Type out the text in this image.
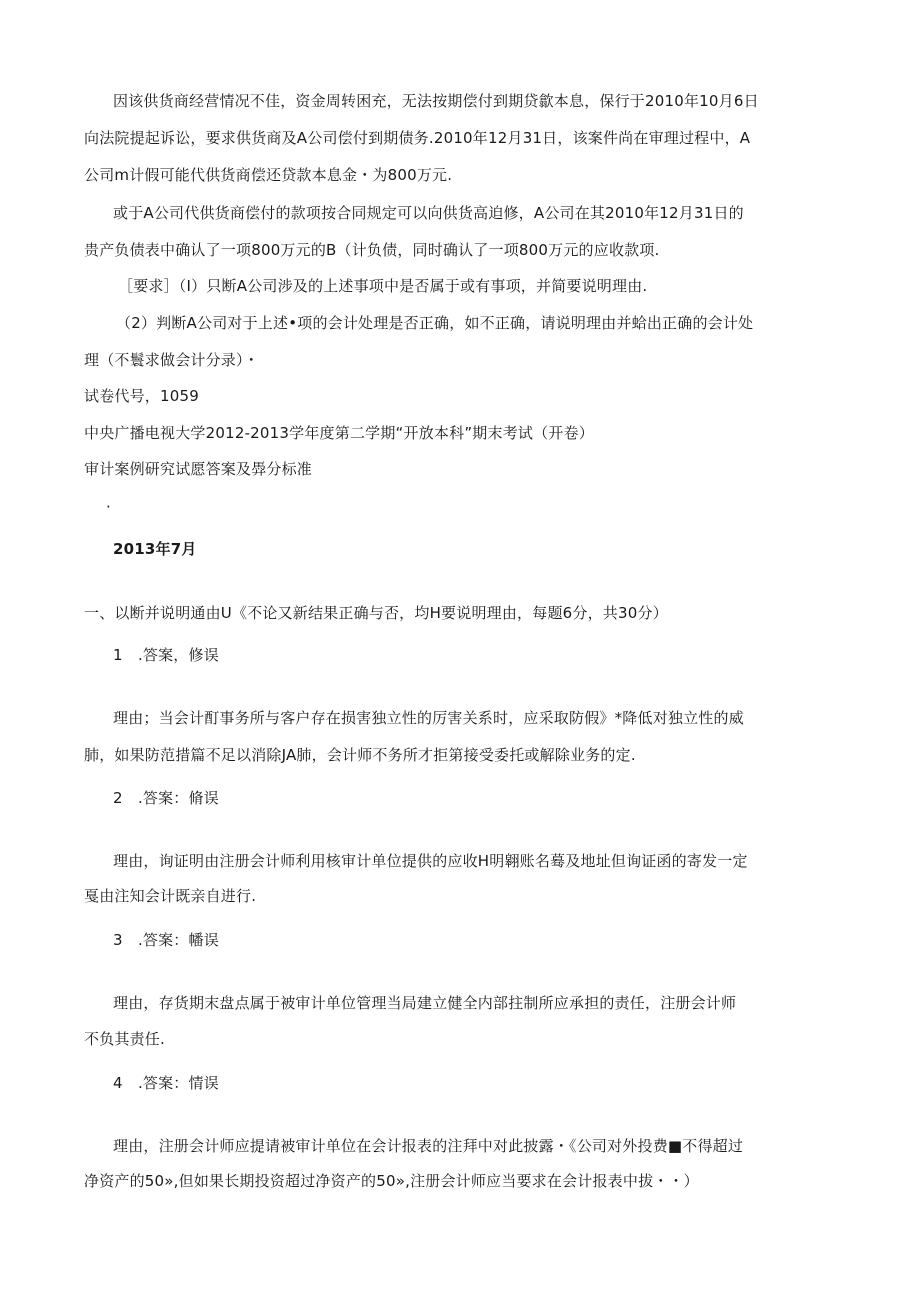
因该供货商经营情况不佳，资金周转困充，无法按期偿付到期贷歙本息，保行于2010年10月6日
向法院提起诉讼，要求供货商及A公司偿付到期债务.2010年12月31日，该案件尚在审理过程中，A
公司m计假可能代供货商偿还贷款本息金・为800万元.
或于A公司代供货商偿付的款项按合同规定可以向供货高迫修，A公司在其2010年12月31日的
贵产负债表中确认了一项800万元的B（计负债，同时确认了一项800万元的应收款项.
［要求］（I）只断A公司涉及的上述事项中是否属于或有事项，并简要说明理由.
（2）判断A公司对于上述•项的会计处理是否正确，如不正确，请说明理由并蛤出正确的会计处
理（不鬟求做会计分录）・
试卷代号，1059
中央广播电视大学2012-2013学年度第二学期“开放本科”期末考试（开卷）
审计案例研究试愿答案及馵分标准
·
2013年7月
一、以断并说明通由U《不论又新结果正确与否，均H要说明理由，每题6分，共30分）
1　.答案，修误
理由；当会计酊事务所与客户存在损害独立性的厉害关系时，应采取防假》*降低对独立性的威
肺，如果防范措篇不足以消除JA肺，会计师不务所才拒第接受委托或解除业务的定.
2　.答案：脩误
理由，询证明由注册会计师利用核审计单位提供的应收H明翱账名蓦及地址但询证函的寄发一定
戛由注知会计既亲自进行.
3　.答案：幡误
理由，存货期末盘点属于被审计单位管理当局建立健全内部拄制所应承担的责任，注册会计师
不负其责任.
4　.答案：情误
理由，注册会计师应提请被审计单位在会计报表的注拜中对此披露・《公司对外投费■不得超过
净资产的50»,但如果长期投资超过净资产的50»,注册会计师应当要求在会计报表中拔・・）
